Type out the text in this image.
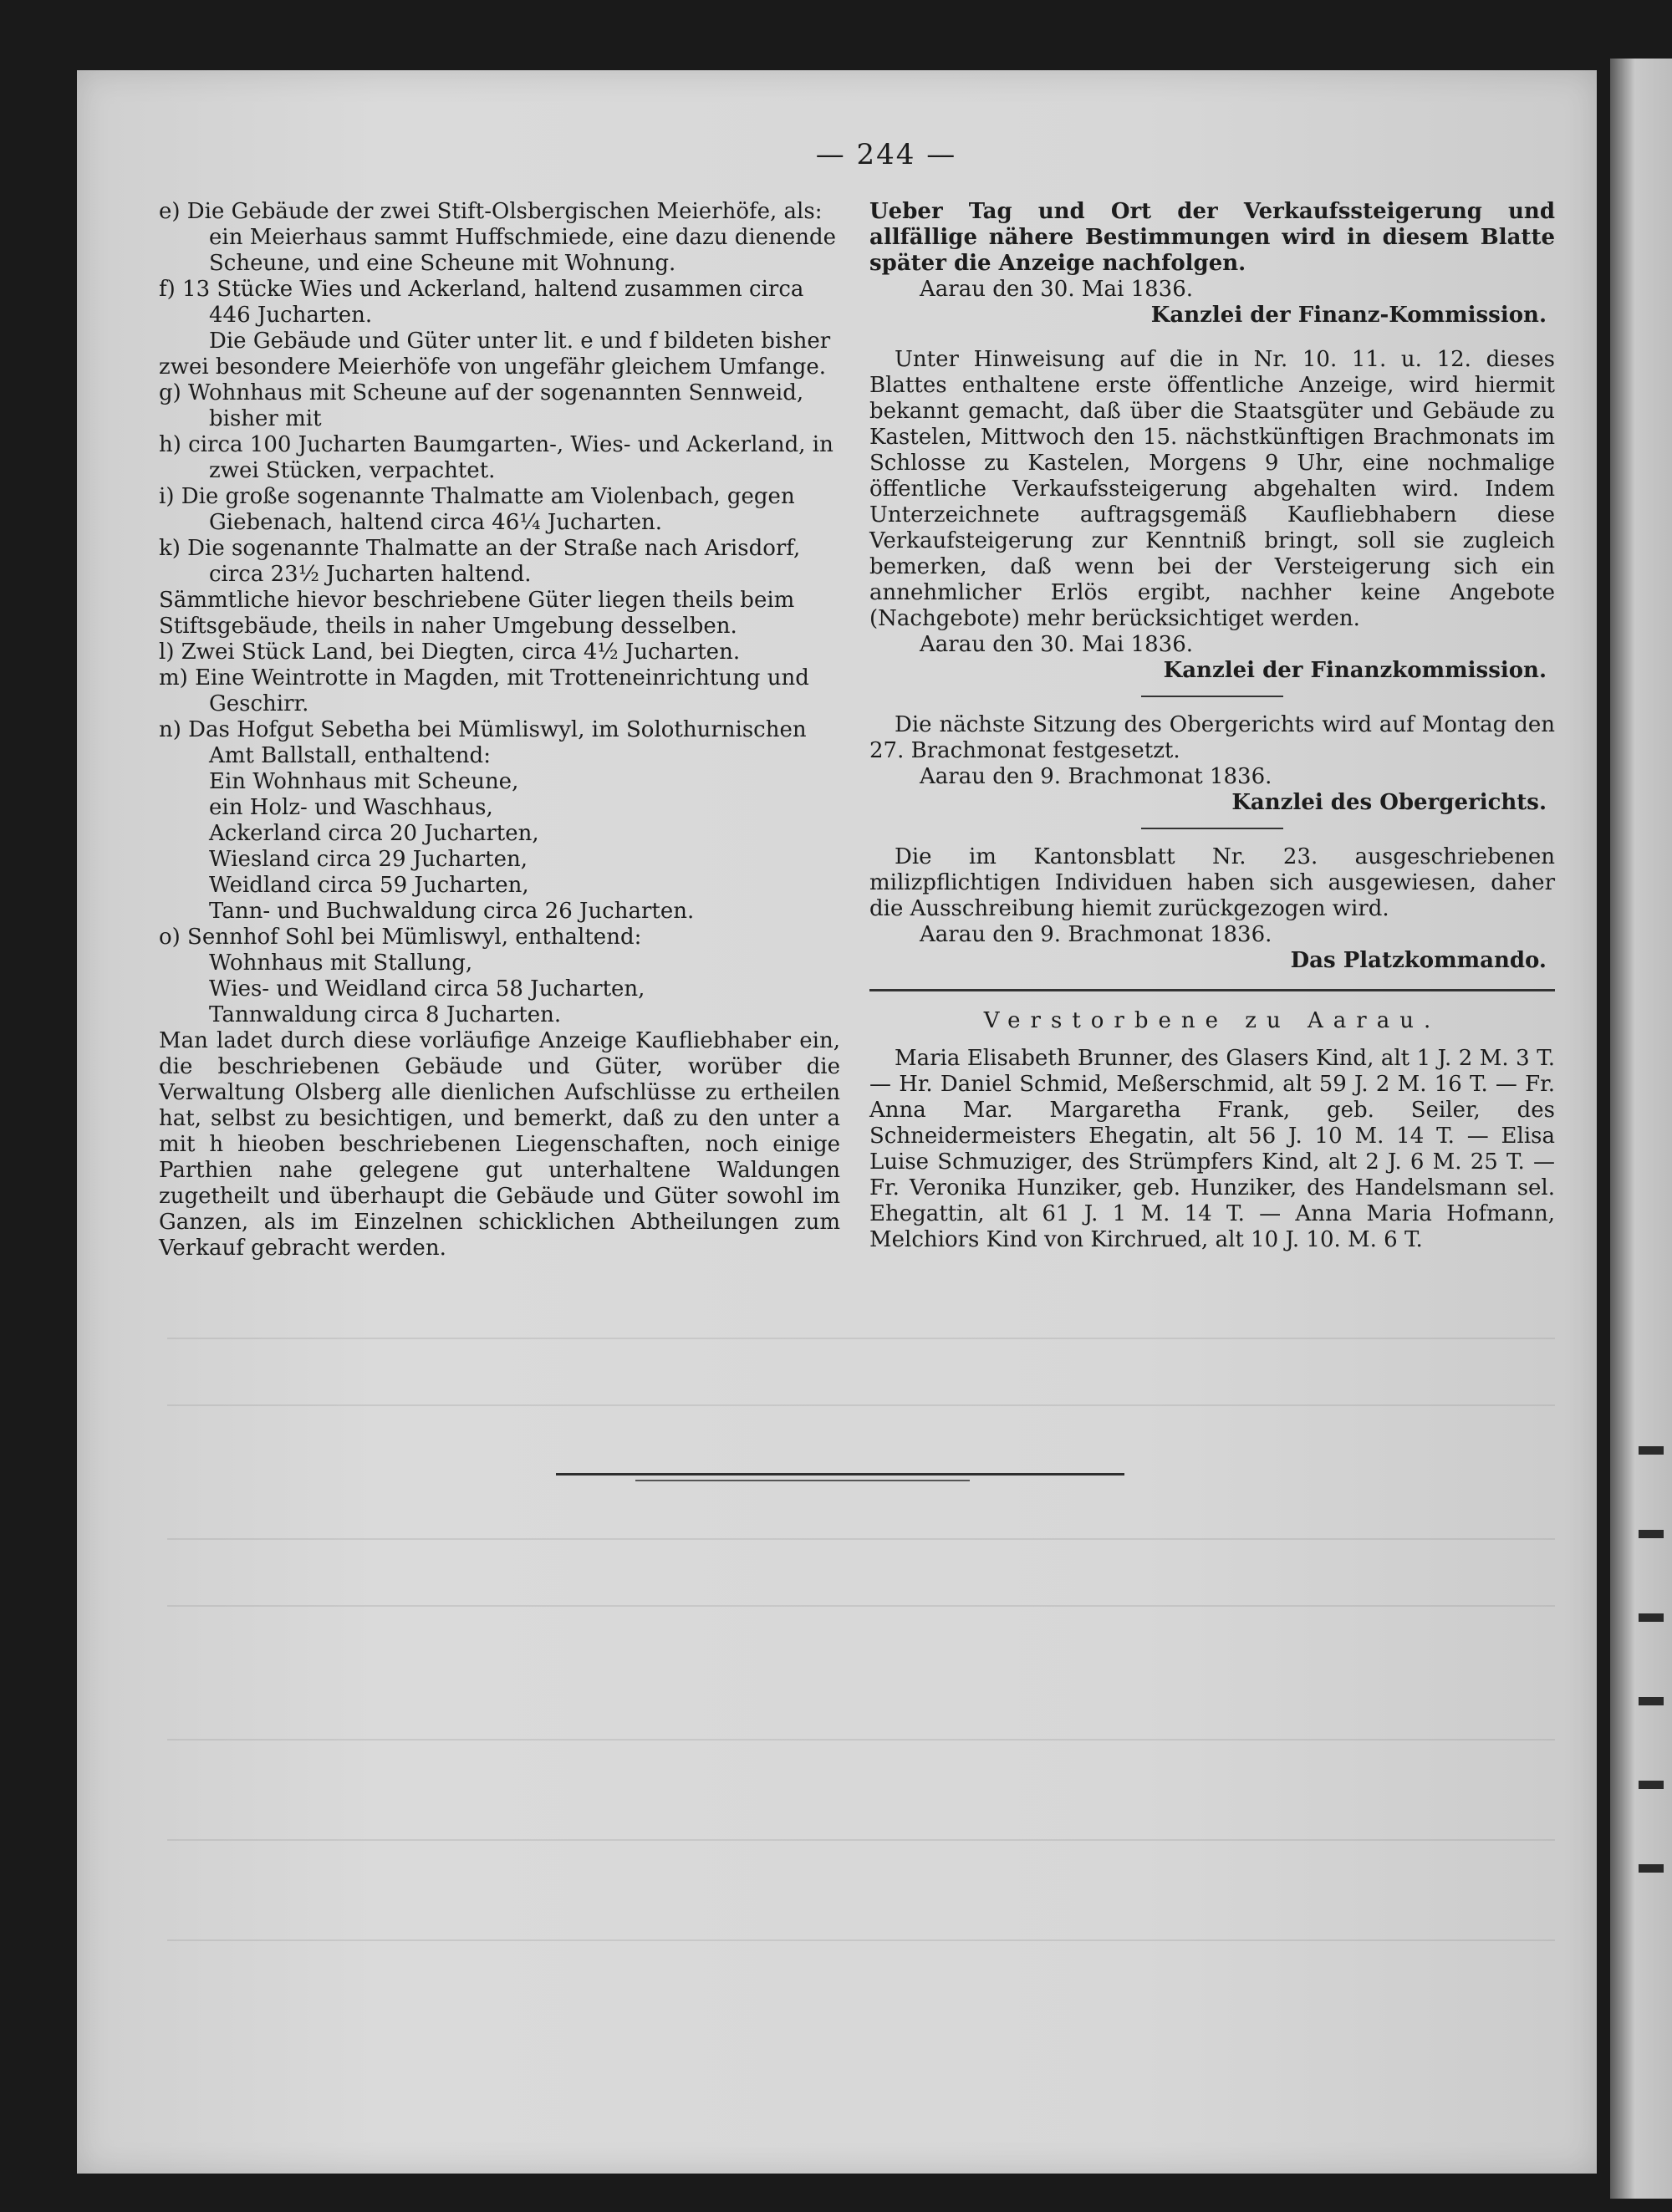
— 244 —

e) Die Gebäude der zwei Stift-Olsbergischen Meierhöfe, als: ein Meierhaus sammt Huffschmiede, eine dazu dienende Scheune, und eine Scheune mit Wohnung.

f) 13 Stücke Wies und Ackerland, haltend zusammen circa 446 Jucharten.

Die Gebäude und Güter unter lit. e und f bildeten bisher zwei besondere Meierhöfe von ungefähr gleichem Umfange.

g) Wohnhaus mit Scheune auf der sogenannten Sennweid, bisher mit

h) circa 100 Jucharten Baumgarten-, Wies- und Ackerland, in zwei Stücken, verpachtet.

i) Die große sogenannte Thalmatte am Violenbach, gegen Giebenach, haltend circa 46¼ Jucharten.

k) Die sogenannte Thalmatte an der Straße nach Arisdorf, circa 23½ Jucharten haltend.

Sämmtliche hievor beschriebene Güter liegen theils beim Stiftsgebäude, theils in naher Umgebung desselben.

l) Zwei Stück Land, bei Diegten, circa 4½ Jucharten.

m) Eine Weintrotte in Magden, mit Trotteneinrichtung und Geschirr.

n) Das Hofgut Sebetha bei Mümliswyl, im Solothurnischen Amt Ballstall, enthaltend:

Ein Wohnhaus mit Scheune,
ein Holz- und Waschhaus,
Ackerland circa 20 Jucharten,
Wiesland circa 29 Jucharten,
Weidland circa 59 Jucharten,
Tann- und Buchwaldung circa 26 Jucharten.

o) Sennhof Sohl bei Mümliswyl, enthaltend:

Wohnhaus mit Stallung,
Wies- und Weidland circa 58 Jucharten,
Tannwaldung circa 8 Jucharten.

Man ladet durch diese vorläufige Anzeige Kaufliebhaber ein, die beschriebenen Gebäude und Güter, worüber die Verwaltung Olsberg alle dienlichen Aufschlüsse zu ertheilen hat, selbst zu besichtigen, und bemerkt, daß zu den unter a mit h hieoben beschriebenen Liegenschaften, noch einige Parthien nahe gelegene gut unterhaltene Waldungen zugetheilt und überhaupt die Gebäude und Güter sowohl im Ganzen, als im Einzelnen schicklichen Abtheilungen zum Verkauf gebracht werden.

Ueber Tag und Ort der Verkaufssteigerung und allfällige nähere Bestimmungen wird in diesem Blatte später die Anzeige nachfolgen.

Aarau den 30. Mai 1836.
Kanzlei der Finanz-Kommission.

Unter Hinweisung auf die in Nr. 10. 11. u. 12. dieses Blattes enthaltene erste öffentliche Anzeige, wird hiermit bekannt gemacht, daß über die Staatsgüter und Gebäude zu Kastelen, Mittwoch den 15. nächstkünftigen Brachmonats im Schlosse zu Kastelen, Morgens 9 Uhr, eine nochmalige öffentliche Verkaufssteigerung abgehalten wird. Indem Unterzeichnete auftragsgemäß Kaufliebhabern diese Verkaufsteigerung zur Kenntniß bringt, soll sie zugleich bemerken, daß wenn bei der Versteigerung sich ein annehmlicher Erlös ergibt, nachher keine Angebote (Nachgebote) mehr berücksichtiget werden.

Aarau den 30. Mai 1836.
Kanzlei der Finanzkommission.

Die nächste Sitzung des Obergerichts wird auf Montag den 27. Brachmonat festgesetzt.

Aarau den 9. Brachmonat 1836.
Kanzlei des Obergerichts.

Die im Kantonsblatt Nr. 23. ausgeschriebenen milizpflichtigen Individuen haben sich ausgewiesen, daher die Ausschreibung hiemit zurückgezogen wird.

Aarau den 9. Brachmonat 1836.
Das Platzkommando.
Verstorbene zu Aarau.

Maria Elisabeth Brunner, des Glasers Kind, alt 1 J. 2 M. 3 T. — Hr. Daniel Schmid, Meßerschmid, alt 59 J. 2 M. 16 T. — Fr. Anna Mar. Margaretha Frank, geb. Seiler, des Schneidermeisters Ehegatin, alt 56 J. 10 M. 14 T. — Elisa Luise Schmuziger, des Strümpfers Kind, alt 2 J. 6 M. 25 T. — Fr. Veronika Hunziker, geb. Hunziker, des Handelsmann sel. Ehegattin, alt 61 J. 1 M. 14 T. — Anna Maria Hofmann, Melchiors Kind von Kirchrued, alt 10 J. 10. M. 6 T.
